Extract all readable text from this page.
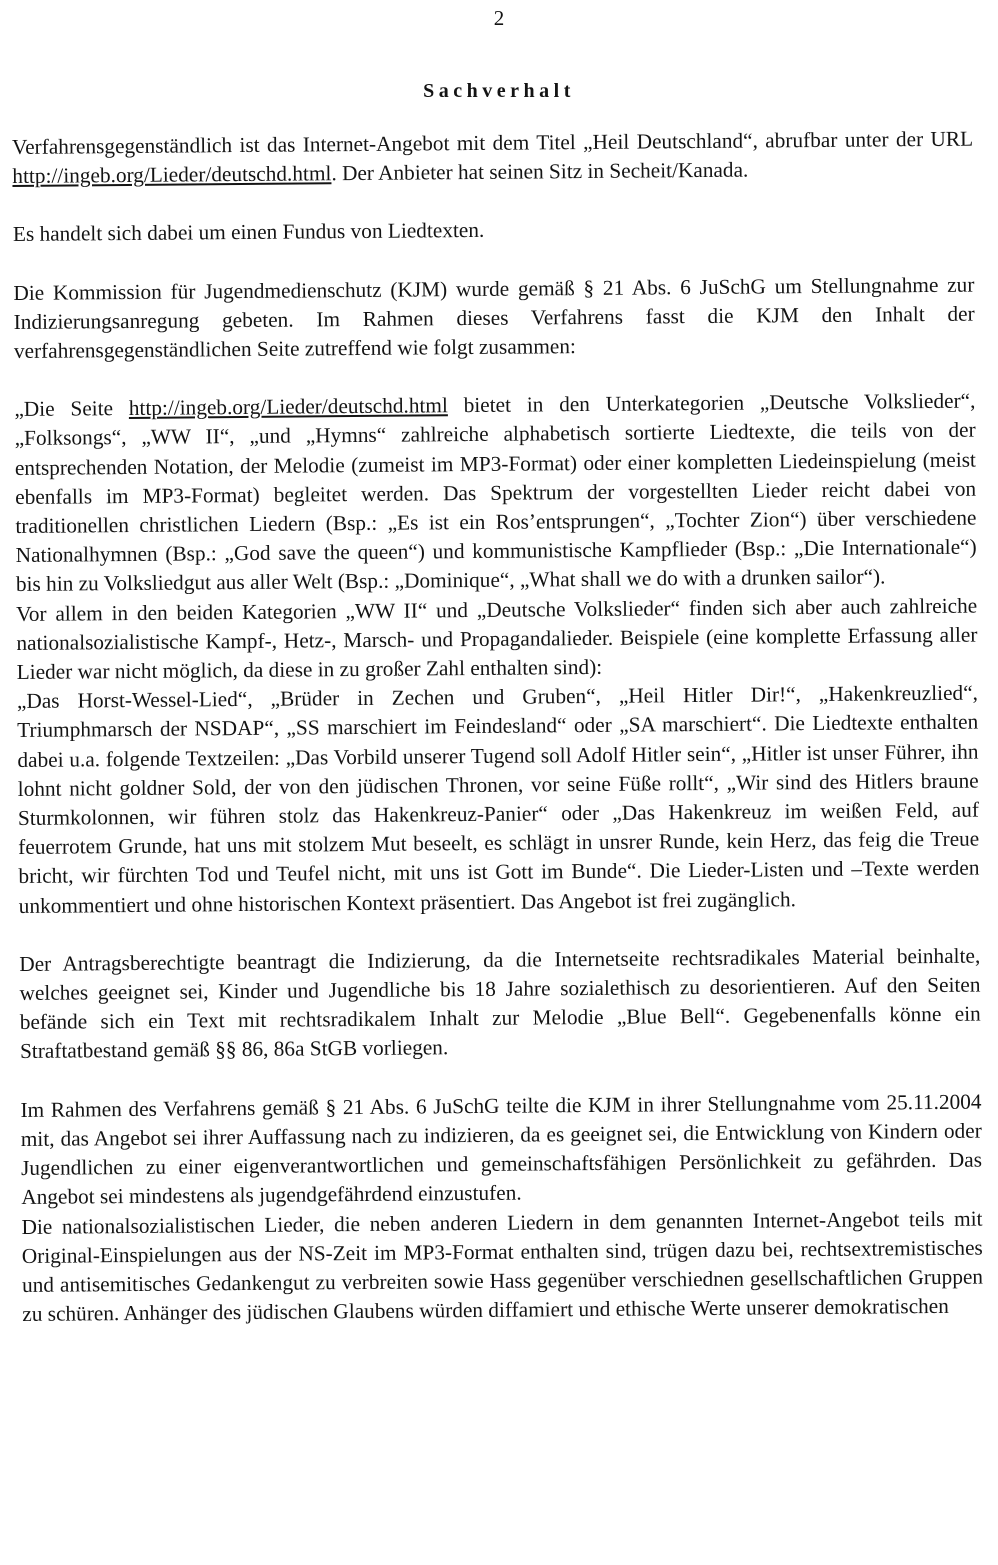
2
Sachverhalt

Verfahrensgegenständlich ist das Internet-Angebot mit dem Titel „Heil Deutschland“, abrufbar unter der URL http://ingeb.org/Lieder/deutschd.html. Der Anbieter hat seinen Sitz in Secheit/Kanada.

Es handelt sich dabei um einen Fundus von Liedtexten.

Die Kommission für Jugendmedienschutz (KJM) wurde gemäß § 21 Abs. 6 JuSchG um Stellungnahme zur Indizierungsanregung gebeten. Im Rahmen dieses Verfahrens fasst die KJM den Inhalt der verfahrensgegenständlichen Seite zutreffend wie folgt zusammen:

„Die Seite http://ingeb.org/Lieder/deutschd.html bietet in den Unterkategorien „Deutsche Volkslieder“, „Folksongs“, „WW II“, „und „Hymns“ zahlreiche alphabetisch sortierte Liedtexte, die teils von der entsprechenden Notation, der Melodie (zumeist im MP3-Format) oder einer kompletten Liedeinspielung (meist ebenfalls im MP3-Format) begleitet werden. Das Spektrum der vorgestellten Lieder reicht dabei von traditionellen christlichen Liedern (Bsp.: „Es ist ein Ros’entsprungen“, „Tochter Zion“) über verschiedene Nationalhymnen (Bsp.: „God save the queen“) und kommunistische Kampflieder (Bsp.: „Die Internationale“) bis hin zu Volksliedgut aus aller Welt (Bsp.: „Dominique“, „What shall we do with a drunken sailor“).

Vor allem in den beiden Kategorien „WW II“ und „Deutsche Volkslieder“ finden sich aber auch zahlreiche nationalsozialistische Kampf-, Hetz-, Marsch- und Propagandalieder. Beispiele (eine komplette Erfassung aller Lieder war nicht möglich, da diese in zu großer Zahl enthalten sind):

„Das Horst-Wessel-Lied“, „Brüder in Zechen und Gruben“, „Heil Hitler Dir!“, „Hakenkreuzlied“, Triumphmarsch der NSDAP“, „SS marschiert im Feindesland“ oder „SA marschiert“. Die Liedtexte enthalten dabei u.a. folgende Textzeilen: „Das Vorbild unserer Tugend soll Adolf Hitler sein“, „Hitler ist unser Führer, ihn lohnt nicht goldner Sold, der von den jüdischen Thronen, vor seine Füße rollt“, „Wir sind des Hitlers braune Sturmkolonnen, wir führen stolz das Hakenkreuz-Panier“ oder „Das Hakenkreuz im weißen Feld, auf feuerrotem Grunde, hat uns mit stolzem Mut beseelt, es schlägt in unsrer Runde, kein Herz, das feig die Treue bricht, wir fürchten Tod und Teufel nicht, mit uns ist Gott im Bunde“. Die Lieder-Listen und –Texte werden unkommentiert und ohne historischen Kontext präsentiert. Das Angebot ist frei zugänglich.

Der Antragsberechtigte beantragt die Indizierung, da die Internetseite rechtsradikales Material beinhalte, welches geeignet sei, Kinder und Jugendliche bis 18 Jahre sozialethisch zu desorientieren. Auf den Seiten befände sich ein Text mit rechtsradikalem Inhalt zur Melodie „Blue Bell“. Gegebenenfalls könne ein Straftatbestand gemäß §§ 86, 86a StGB vorliegen.

Im Rahmen des Verfahrens gemäß § 21 Abs. 6 JuSchG teilte die KJM in ihrer Stellungnahme vom 25.11.2004 mit, das Angebot sei ihrer Auffassung nach zu indizieren, da es geeignet sei, die Entwicklung von Kindern oder Jugendlichen zu einer eigenverantwortlichen und gemeinschaftsfähigen Persönlichkeit zu gefährden. Das Angebot sei mindestens als jugendgefährdend einzustufen.

Die nationalsozialistischen Lieder, die neben anderen Liedern in dem genannten Internet-Angebot teils mit Original-Einspielungen aus der NS-Zeit im MP3-Format enthalten sind, trügen dazu bei, rechtsextremistisches und antisemitisches Gedankengut zu verbreiten sowie Hass gegenüber verschiednen gesellschaftlichen Gruppen zu schüren. Anhänger des jüdischen Glaubens würden diffamiert und ethische Werte unserer demokratischen
